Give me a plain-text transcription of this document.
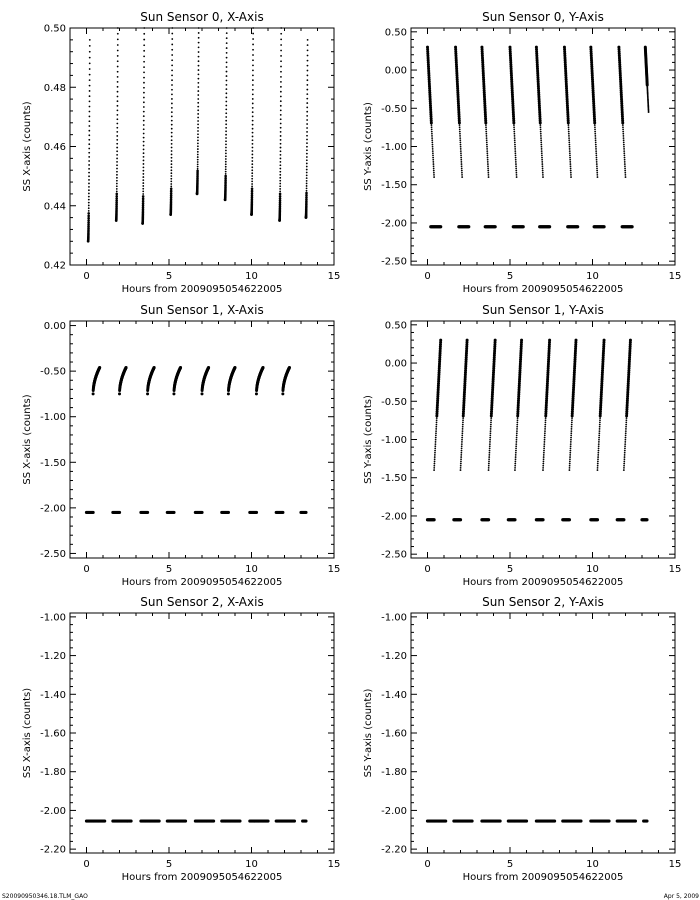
Sun Sensor 0, X-Axis
0	5	10	15
0.42
0.44
0.46
0.48
0.50
Hours from 2009095054622005
SS X-axis (counts)
Sun Sensor 0, Y-Axis
0	5	10	15
-2.50
-2.00
-1.50
-1.00
-0.50
0.00
0.50
Hours from 2009095054622005
SS Y-axis (counts)
Sun Sensor 1, X-Axis
0	5	10	15
-2.50
-2.00
-1.50
-1.00
-0.50
0.00
Hours from 2009095054622005
SS X-axis (counts)
Sun Sensor 1, Y-Axis
0	5	10	15
-2.50
-2.00
-1.50
-1.00
-0.50
0.00
0.50
Hours from 2009095054622005
SS Y-axis (counts)
Sun Sensor 2, X-Axis
0	5	10	15
-2.20
-2.00
-1.80
-1.60
-1.40
-1.20
-1.00
Hours from 2009095054622005
SS X-axis (counts)
Sun Sensor 2, Y-Axis
0	5	10	15
-2.20
-2.00
-1.80
-1.60
-1.40
-1.20
-1.00
Hours from 2009095054622005
SS Y-axis (counts)
S20090950346.18.TLM_GAO	Apr 5, 2009
